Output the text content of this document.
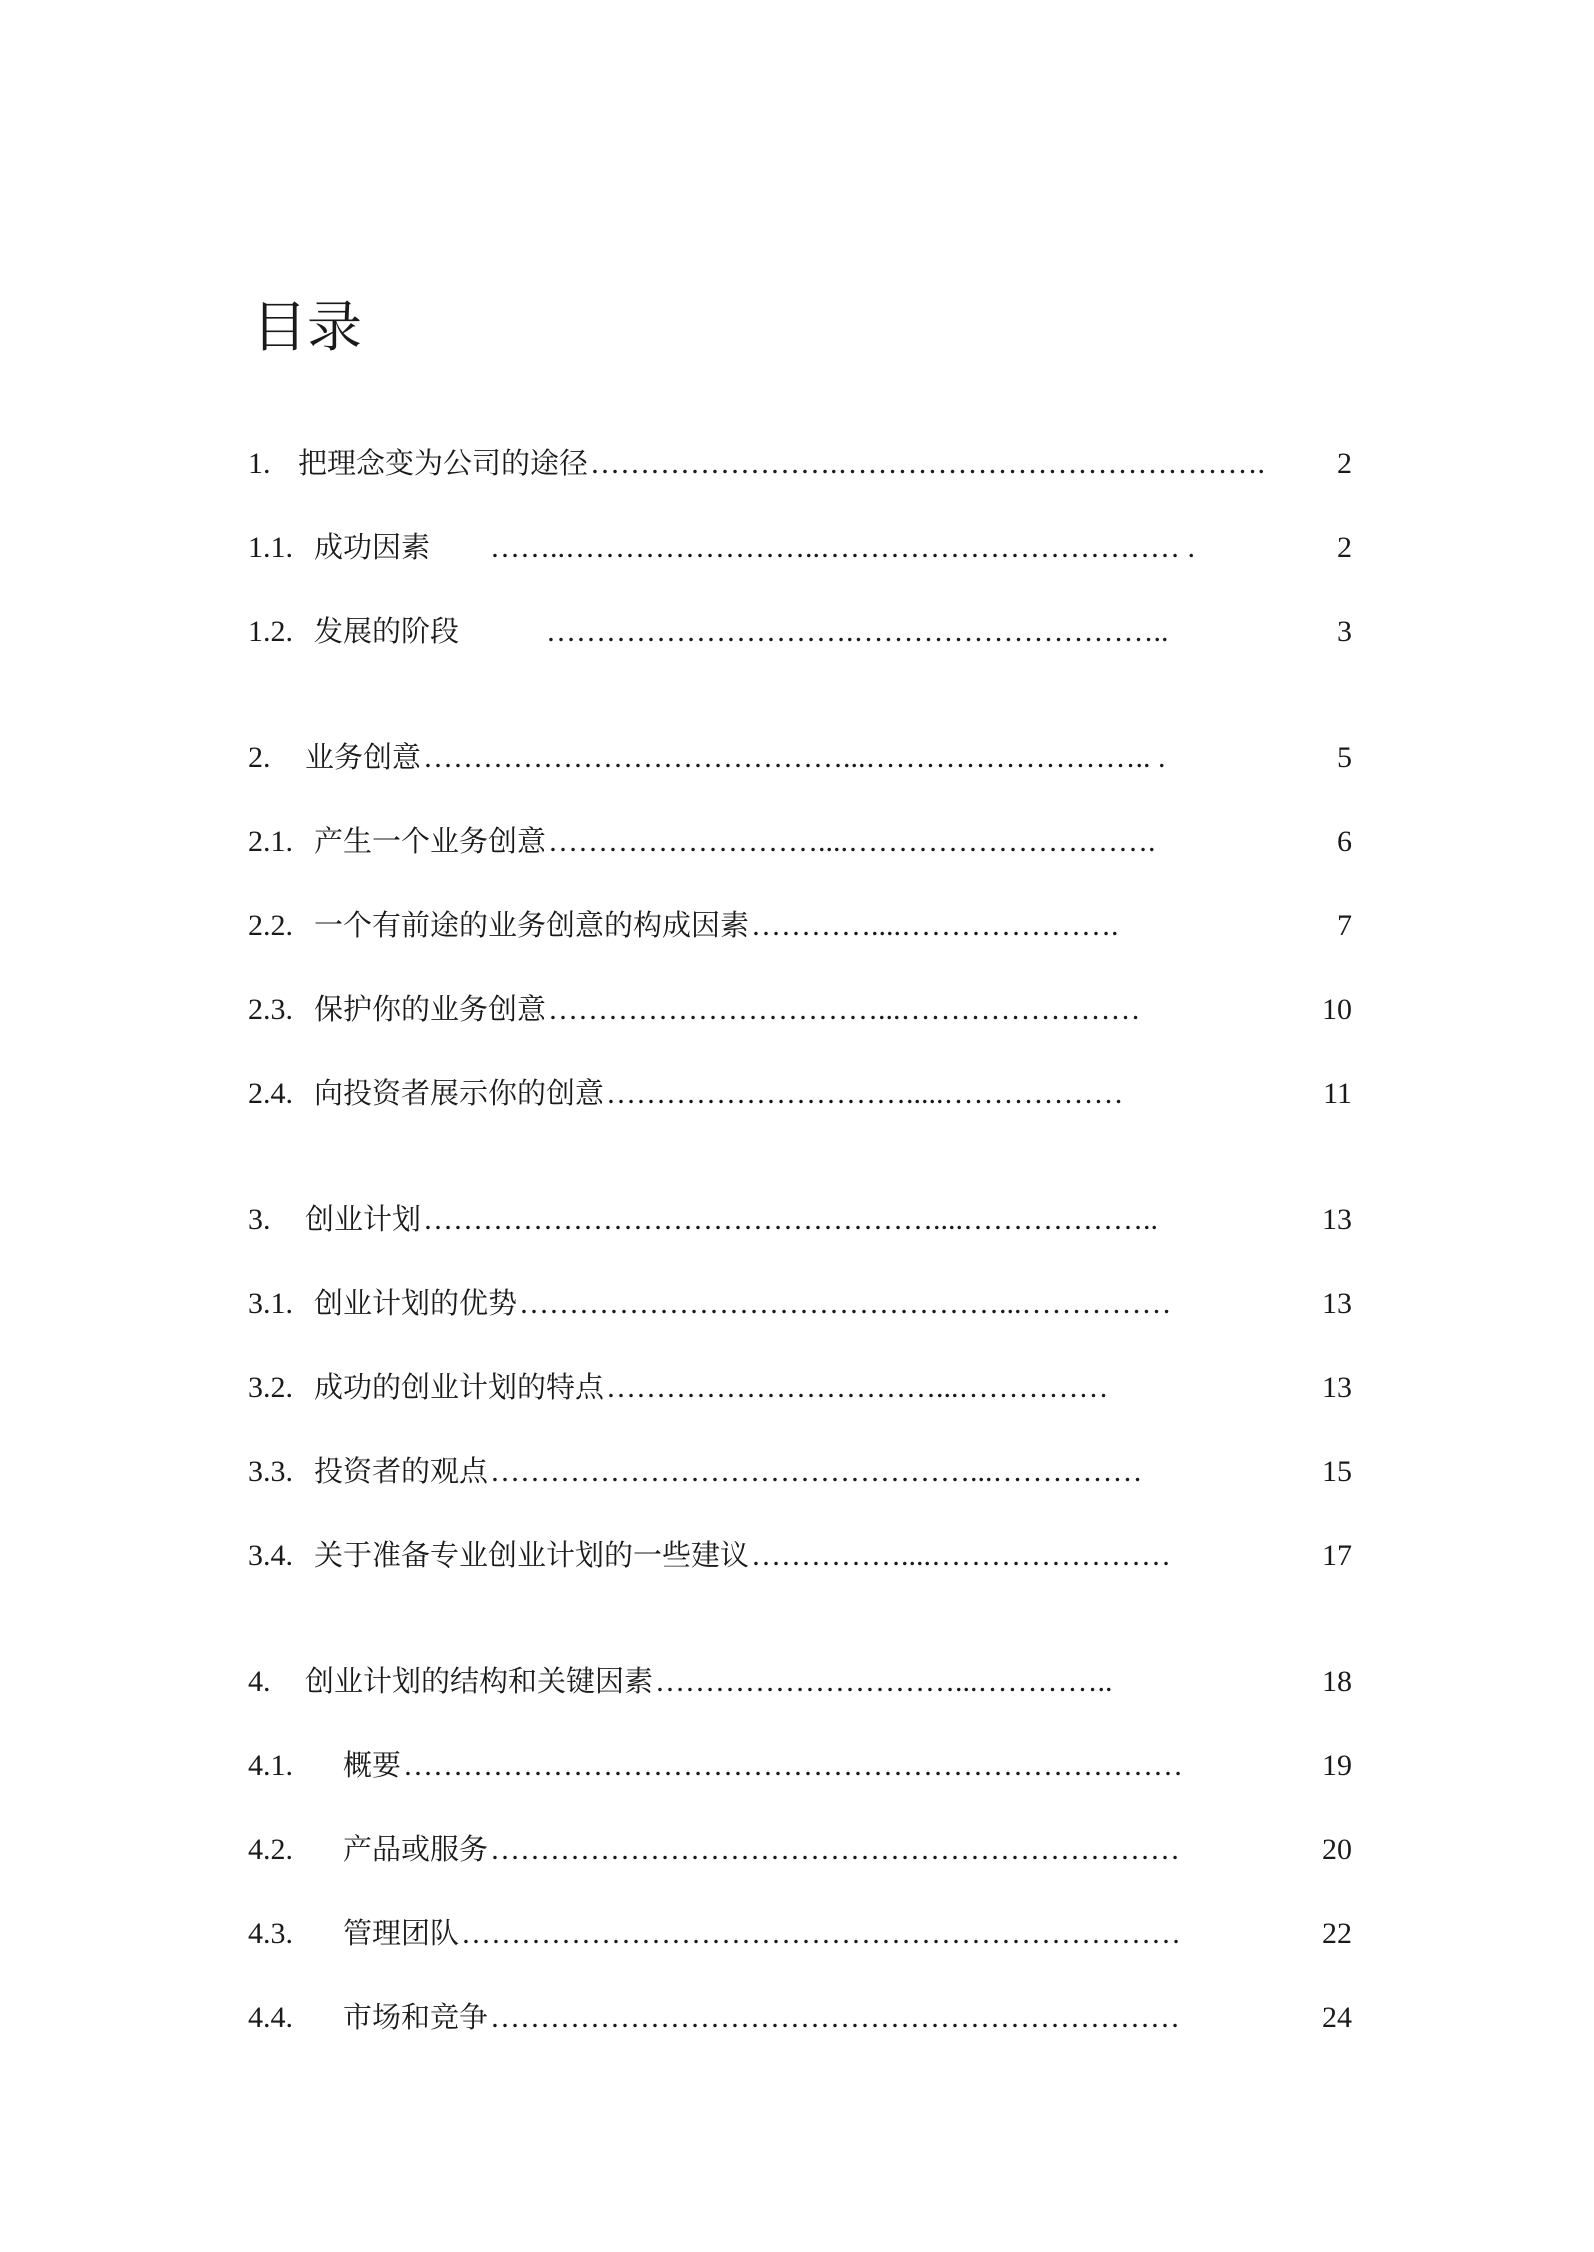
目录
1. 把理念变为公司的途径 …………………….…………………………………….	2
1.1. 成功因素	……..……………………..……………………………… .	2
1.2. 发展的阶段	………………………….…………………………..	3
2.	业务创意 ……………………………………...……………………….. .	5
2.1. 产生一个业务创意 ………………………....………………………….	6
2.2. 一个有前途的业务创意的构成因素 …………....………………….	7
2.3. 保护你的业务创意 ……………………………...……………………	10
2.4. 向投资者展示你的创意 ………………………….....………………	11
3.	创业计划 ……………………………………………....………………..	13
3.1. 创业计划的优势 …………………………………………...……………	13
3.2. 成功的创业计划的特点 ……………………………...……………	13
3.3. 投资者的观点 …………………………………………...……………	15
3.4. 关于准备专业创业计划的一些建议 ……………....……………………	17
4.	创业计划的结构和关键因素 …………………………...…………..	18
4.1.	概要 ……………………………………………………………………	19
4.2.	产品或服务 ……………………………………………………………	20
4.3.	管理团队 ………………………………………………………………	22
4.4.	市场和竞争 ……………………………………………………………	24
